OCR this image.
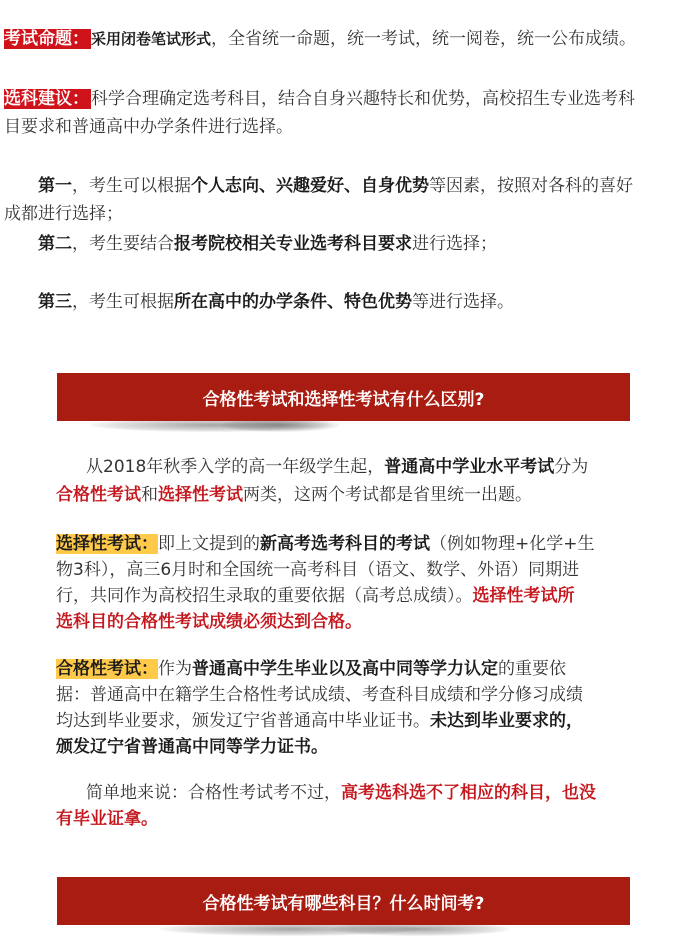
考试命题： 采用闭卷笔试形式，全省统一命题，统一考试，统一阅卷，统一公布成绩。
选科建议： 科学合理确定选考科目，结合自身兴趣特长和优势，高校招生专业选考科
目要求和普通高中办学条件进行选择。
第一，考生可以根据个人志向、兴趣爱好、自身优势等因素，按照对各科的喜好
成都进行选择；
第二，考生要结合报考院校相关专业选考科目要求进行选择；
第三，考生可根据所在高中的办学条件、特色优势等进行选择。
合格性考试和选择性考试有什么区别?
从2018年秋季入学的高一年级学生起，普通高中学业水平考试分为
合格性考试和选择性考试两类，这两个考试都是省里统一出题。
选择性考试：即上文提到的新高考选考科目的考试（例如物理+化学+生
物3科），高三6月时和全国统一高考科目（语文、数学、外语）同期进
行，共同作为高校招生录取的重要依据（高考总成绩）。选择性考试所
选科目的合格性考试成绩必须达到合格。
合格性考试：作为普通高中学生毕业以及高中同等学力认定的重要依
据：普通高中在籍学生合格性考试成绩、考查科目成绩和学分修习成绩
均达到毕业要求，颁发辽宁省普通高中毕业证书。未达到毕业要求的，
颁发辽宁省普通高中同等学力证书。
简单地来说：合格性考试考不过，高考选科选不了相应的科目，也没
有毕业证拿。
合格性考试有哪些科目？什么时间考?
